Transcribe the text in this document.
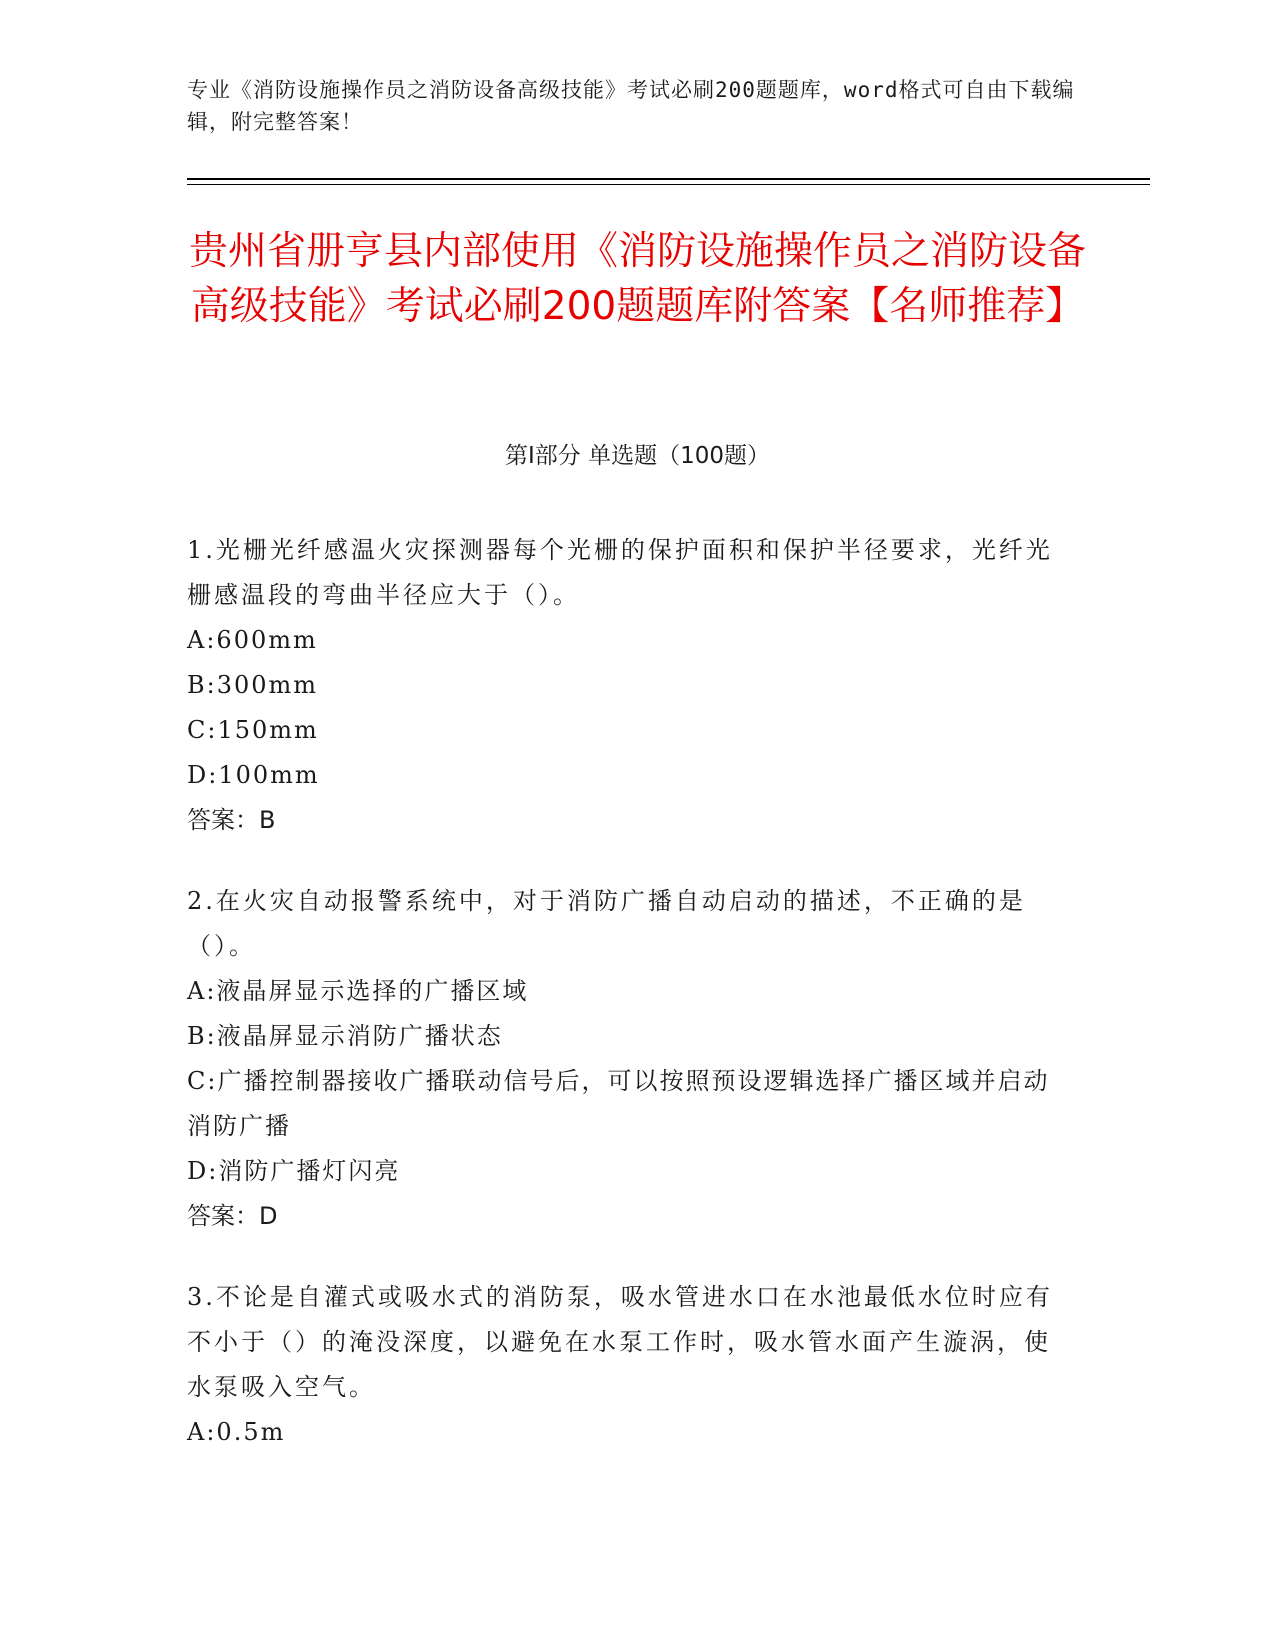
专业《消防设施操作员之消防设备高级技能》考试必刷200题题库，word格式可自由下载编辑，附完整答案！
贵州省册亨县内部使用《消防设施操作员之消防设备高级技能》考试必刷200题题库附答案【名师推荐】
第Ⅰ部分 单选题（100题）
1.光栅光纤感温火灾探测器每个光栅的保护面积和保护半径要求，光纤光栅感温段的弯曲半径应大于（）。
A:600mm
B:300mm
C:150mm
D:100mm
答案：B
2.在火灾自动报警系统中，对于消防广播自动启动的描述，不正确的是（）。
A:液晶屏显示选择的广播区域
B:液晶屏显示消防广播状态
C:广播控制器接收广播联动信号后，可以按照预设逻辑选择广播区域并启动消防广播
D:消防广播灯闪亮
答案：D
3.不论是自灌式或吸水式的消防泵，吸水管进水口在水池最低水位时应有不小于（）的淹没深度，以避免在水泵工作时，吸水管水面产生漩涡，使水泵吸入空气。
A:0.5m
